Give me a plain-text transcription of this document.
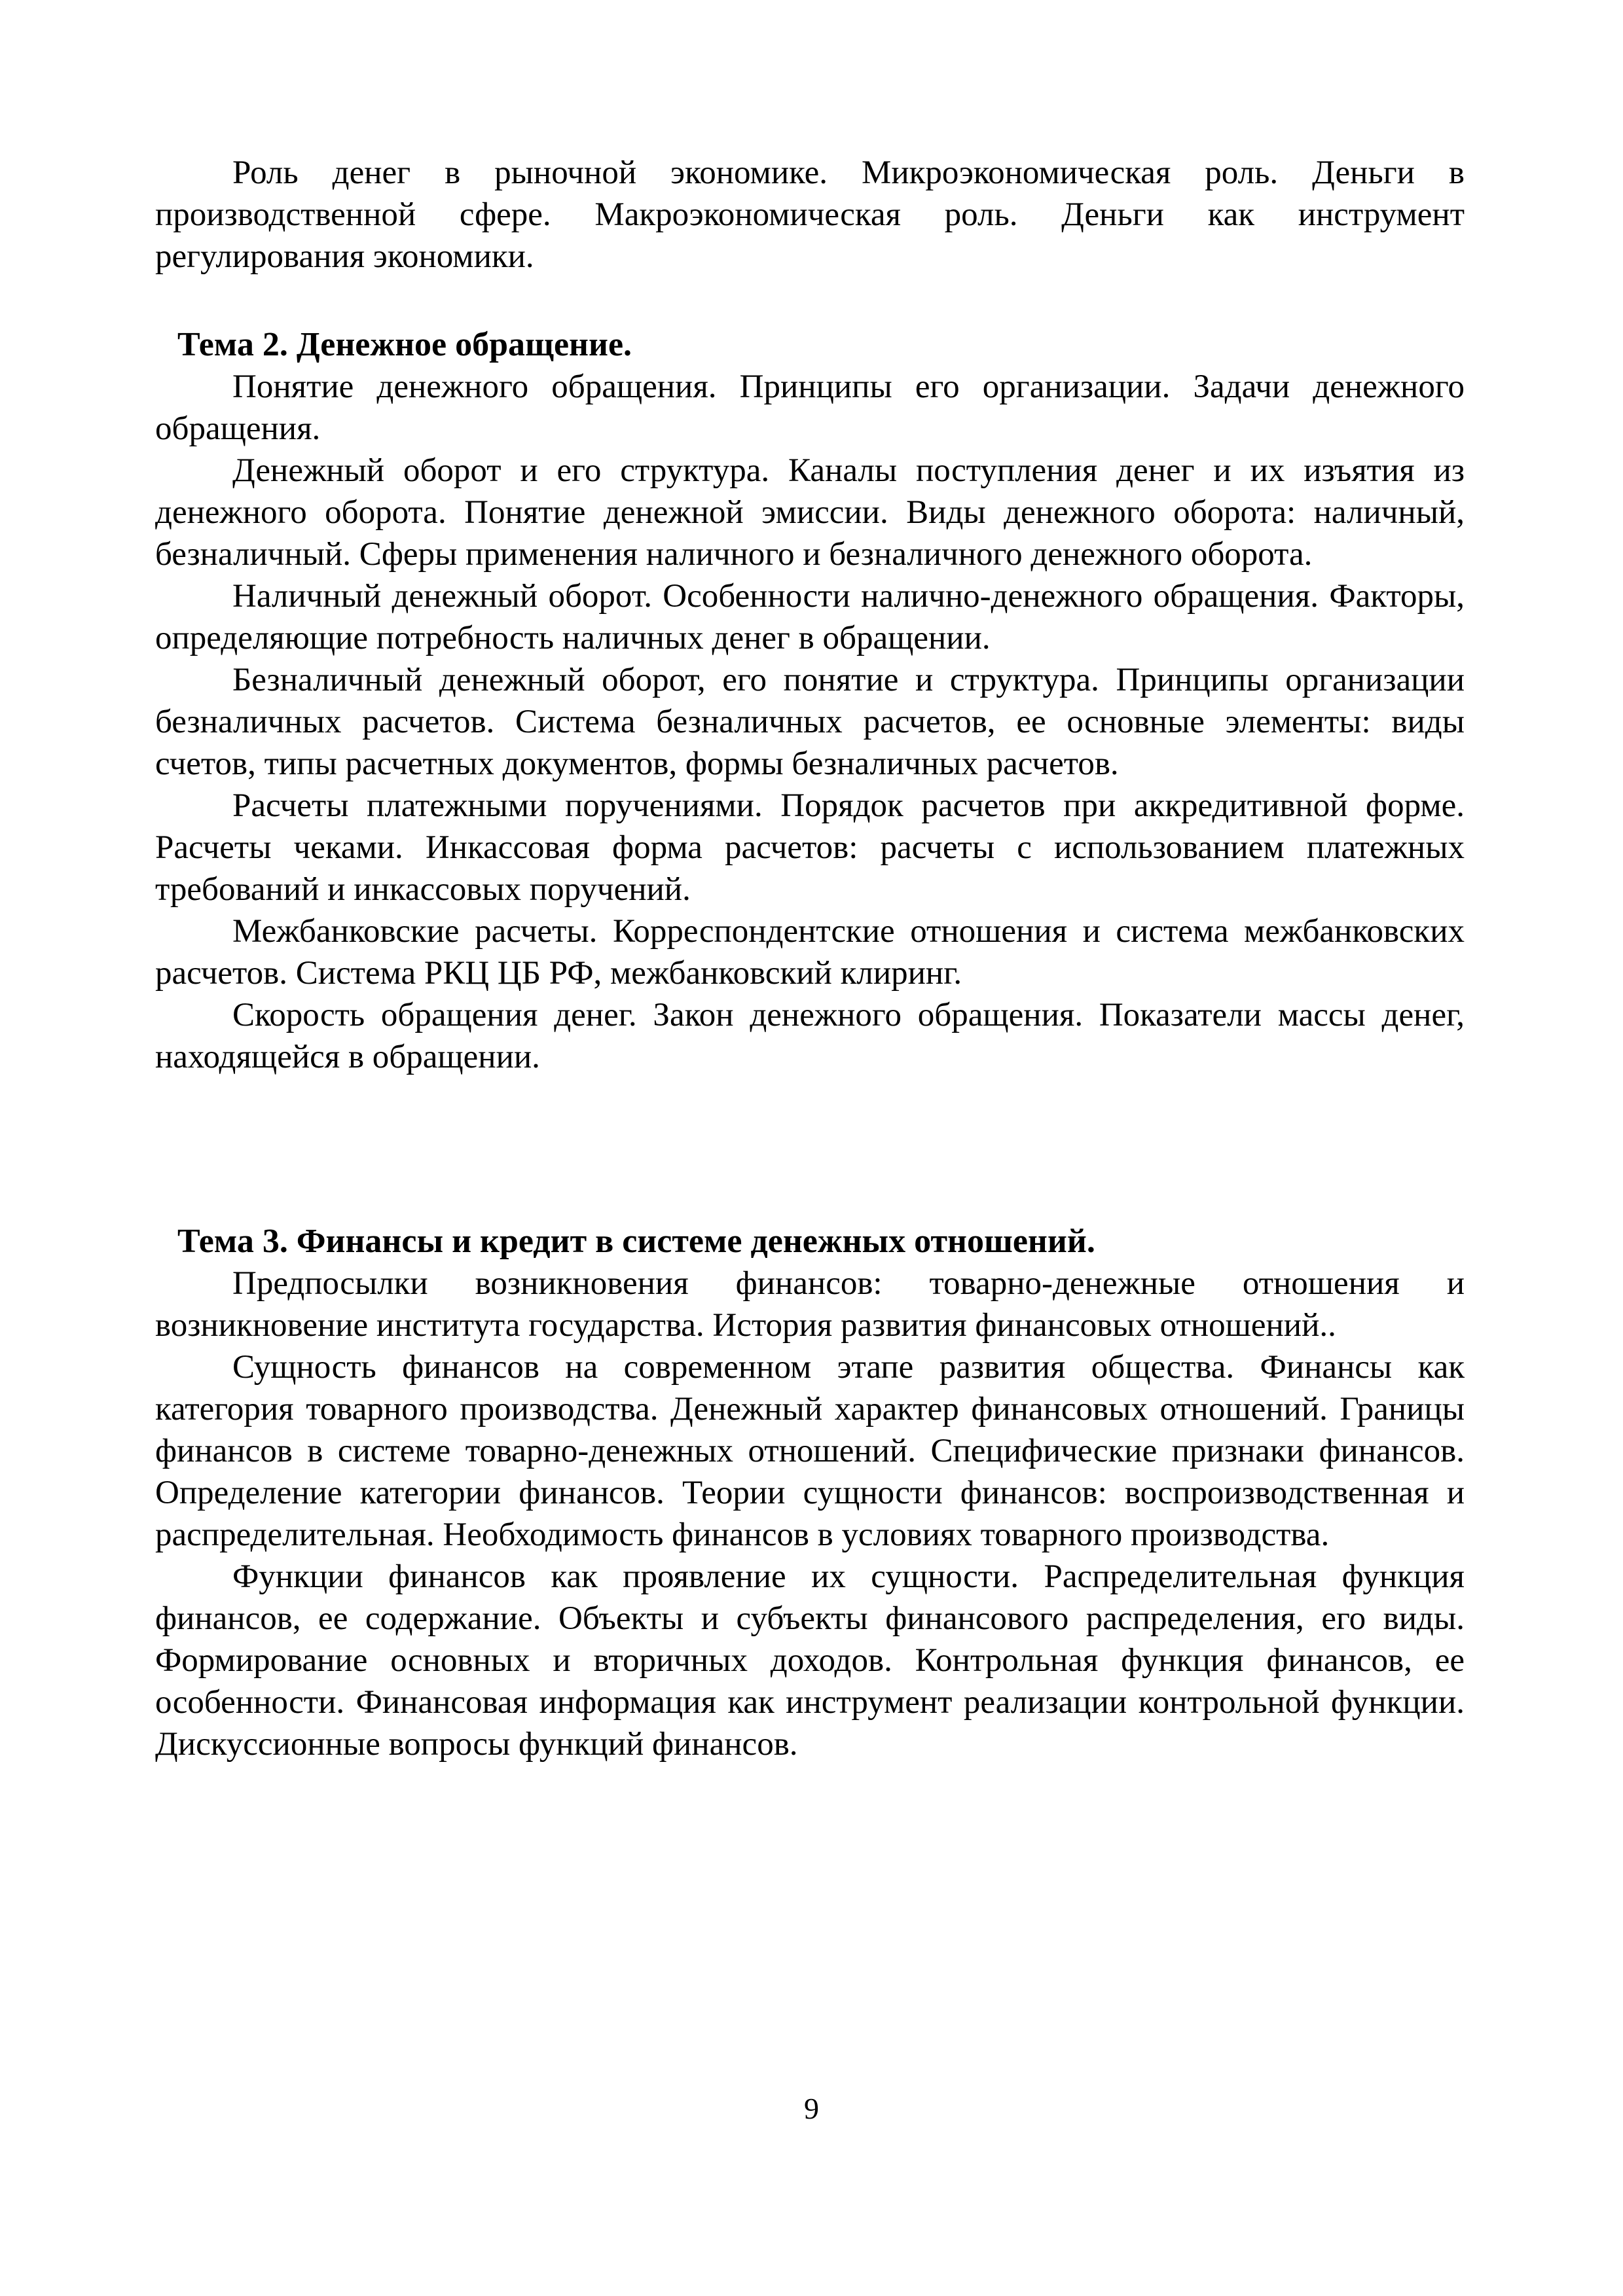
Роль денег в рыночной экономике. Микроэкономическая роль. Деньги в производственной сфере. Макроэкономическая роль. Деньги как инструмент регулирования экономики.

Тема 2. Денежное обращение.

Понятие денежного обращения. Принципы его организации. Задачи денежного обращения.

Денежный оборот и его структура. Каналы поступления денег и их изъятия из денежного оборота. Понятие денежной эмиссии. Виды денежного оборота: наличный, безналичный. Сферы применения наличного и безналичного денежного оборота.

Наличный денежный оборот. Особенности налично-денежного обращения. Факторы, определяющие потребность наличных денег в обращении.

Безналичный денежный оборот, его понятие и структура. Принципы организации безналичных расчетов. Система безналичных расчетов, ее основные элементы: виды счетов, типы расчетных документов, формы безналичных расчетов.

Расчеты платежными поручениями. Порядок расчетов при аккредитивной форме. Расчеты чеками. Инкассовая форма расчетов: расчеты с использованием платежных требований и инкассовых поручений.

Межбанковские расчеты. Корреспондентские отношения и система межбанковских расчетов. Система РКЦ ЦБ РФ, межбанковский клиринг.

Скорость обращения денег. Закон денежного обращения. Показатели массы денег, находящейся в обращении.

Тема 3. Финансы и кредит в системе денежных отношений.

Предпосылки возникновения финансов: товарно-денежные отношения и возникновение института государства. История развития финансовых отношений..

Сущность финансов на современном этапе развития общества. Финансы как категория товарного производства. Денежный характер финансовых отношений. Границы финансов в системе товарно-денежных отношений. Специфические признаки финансов. Определение категории финансов. Теории сущности финансов: воспроизводственная и распределительная. Необходимость финансов в условиях товарного производства.

Функции финансов как проявление их сущности. Распределительная функция финансов, ее содержание. Объекты и субъекты финансового распределения, его виды. Формирование основных и вторичных доходов. Контрольная функция финансов, ее особенности. Финансовая информация как инструмент реализации контрольной функции. Дискуссионные вопросы функций финансов.

9
